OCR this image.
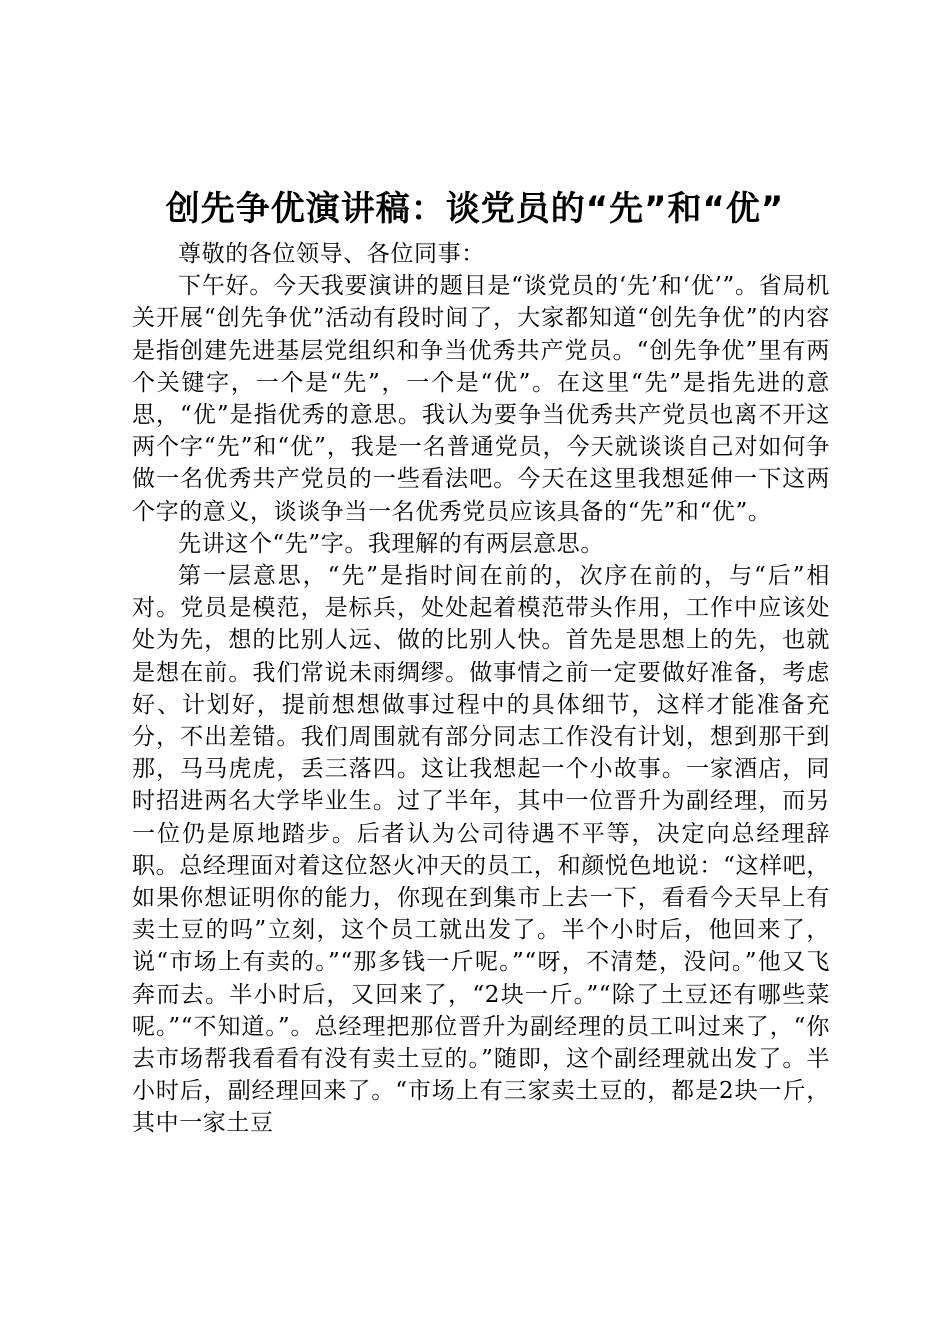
创先争优演讲稿：谈党员的“先”和“优”

尊敬的各位领导、各位同事：

下午好。今天我要演讲的题目是“谈党员的‘先’和‘优’”。省局机关开展“创先争优”活动有段时间了，大家都知道“创先争优”的内容是指创建先进基层党组织和争当优秀共产党员。“创先争优”里有两个关键字，一个是“先”，一个是“优”。在这里“先”是指先进的意思，“优”是指优秀的意思。我认为要争当优秀共产党员也离不开这两个字“先”和“优”，我是一名普通党员，今天就谈谈自己对如何争做一名优秀共产党员的一些看法吧。今天在这里我想延伸一下这两个字的意义，谈谈争当一名优秀党员应该具备的“先”和“优”。

先讲这个“先”字。我理解的有两层意思。

第一层意思，“先”是指时间在前的，次序在前的，与“后”相对。党员是模范，是标兵，处处起着模范带头作用，工作中应该处处为先，想的比别人远、做的比别人快。首先是思想上的先，也就是想在前。我们常说未雨绸缪。做事情之前一定要做好准备，考虑好、计划好，提前想想做事过程中的具体细节，这样才能准备充分，不出差错。我们周围就有部分同志工作没有计划，想到那干到那，马马虎虎，丢三落四。这让我想起一个小故事。一家酒店，同时招进两名大学毕业生。过了半年，其中一位晋升为副经理，而另一位仍是原地踏步。后者认为公司待遇不平等，决定向总经理辞职。总经理面对着这位怒火冲天的员工，和颜悦色地说：“这样吧，如果你想证明你的能力，你现在到集市上去一下，看看今天早上有卖土豆的吗”立刻，这个员工就出发了。半个小时后，他回来了，说“市场上有卖的。”“那多钱一斤呢。”“呀，不清楚，没问。”他又飞奔而去。半小时后，又回来了，“2块一斤。”“除了土豆还有哪些菜呢。”“不知道。”。总经理把那位晋升为副经理的员工叫过来了，“你去市场帮我看看有没有卖土豆的。”随即，这个副经理就出发了。半小时后，副经理回来了。“市场上有三家卖土豆的，都是2块一斤，其中一家土豆
